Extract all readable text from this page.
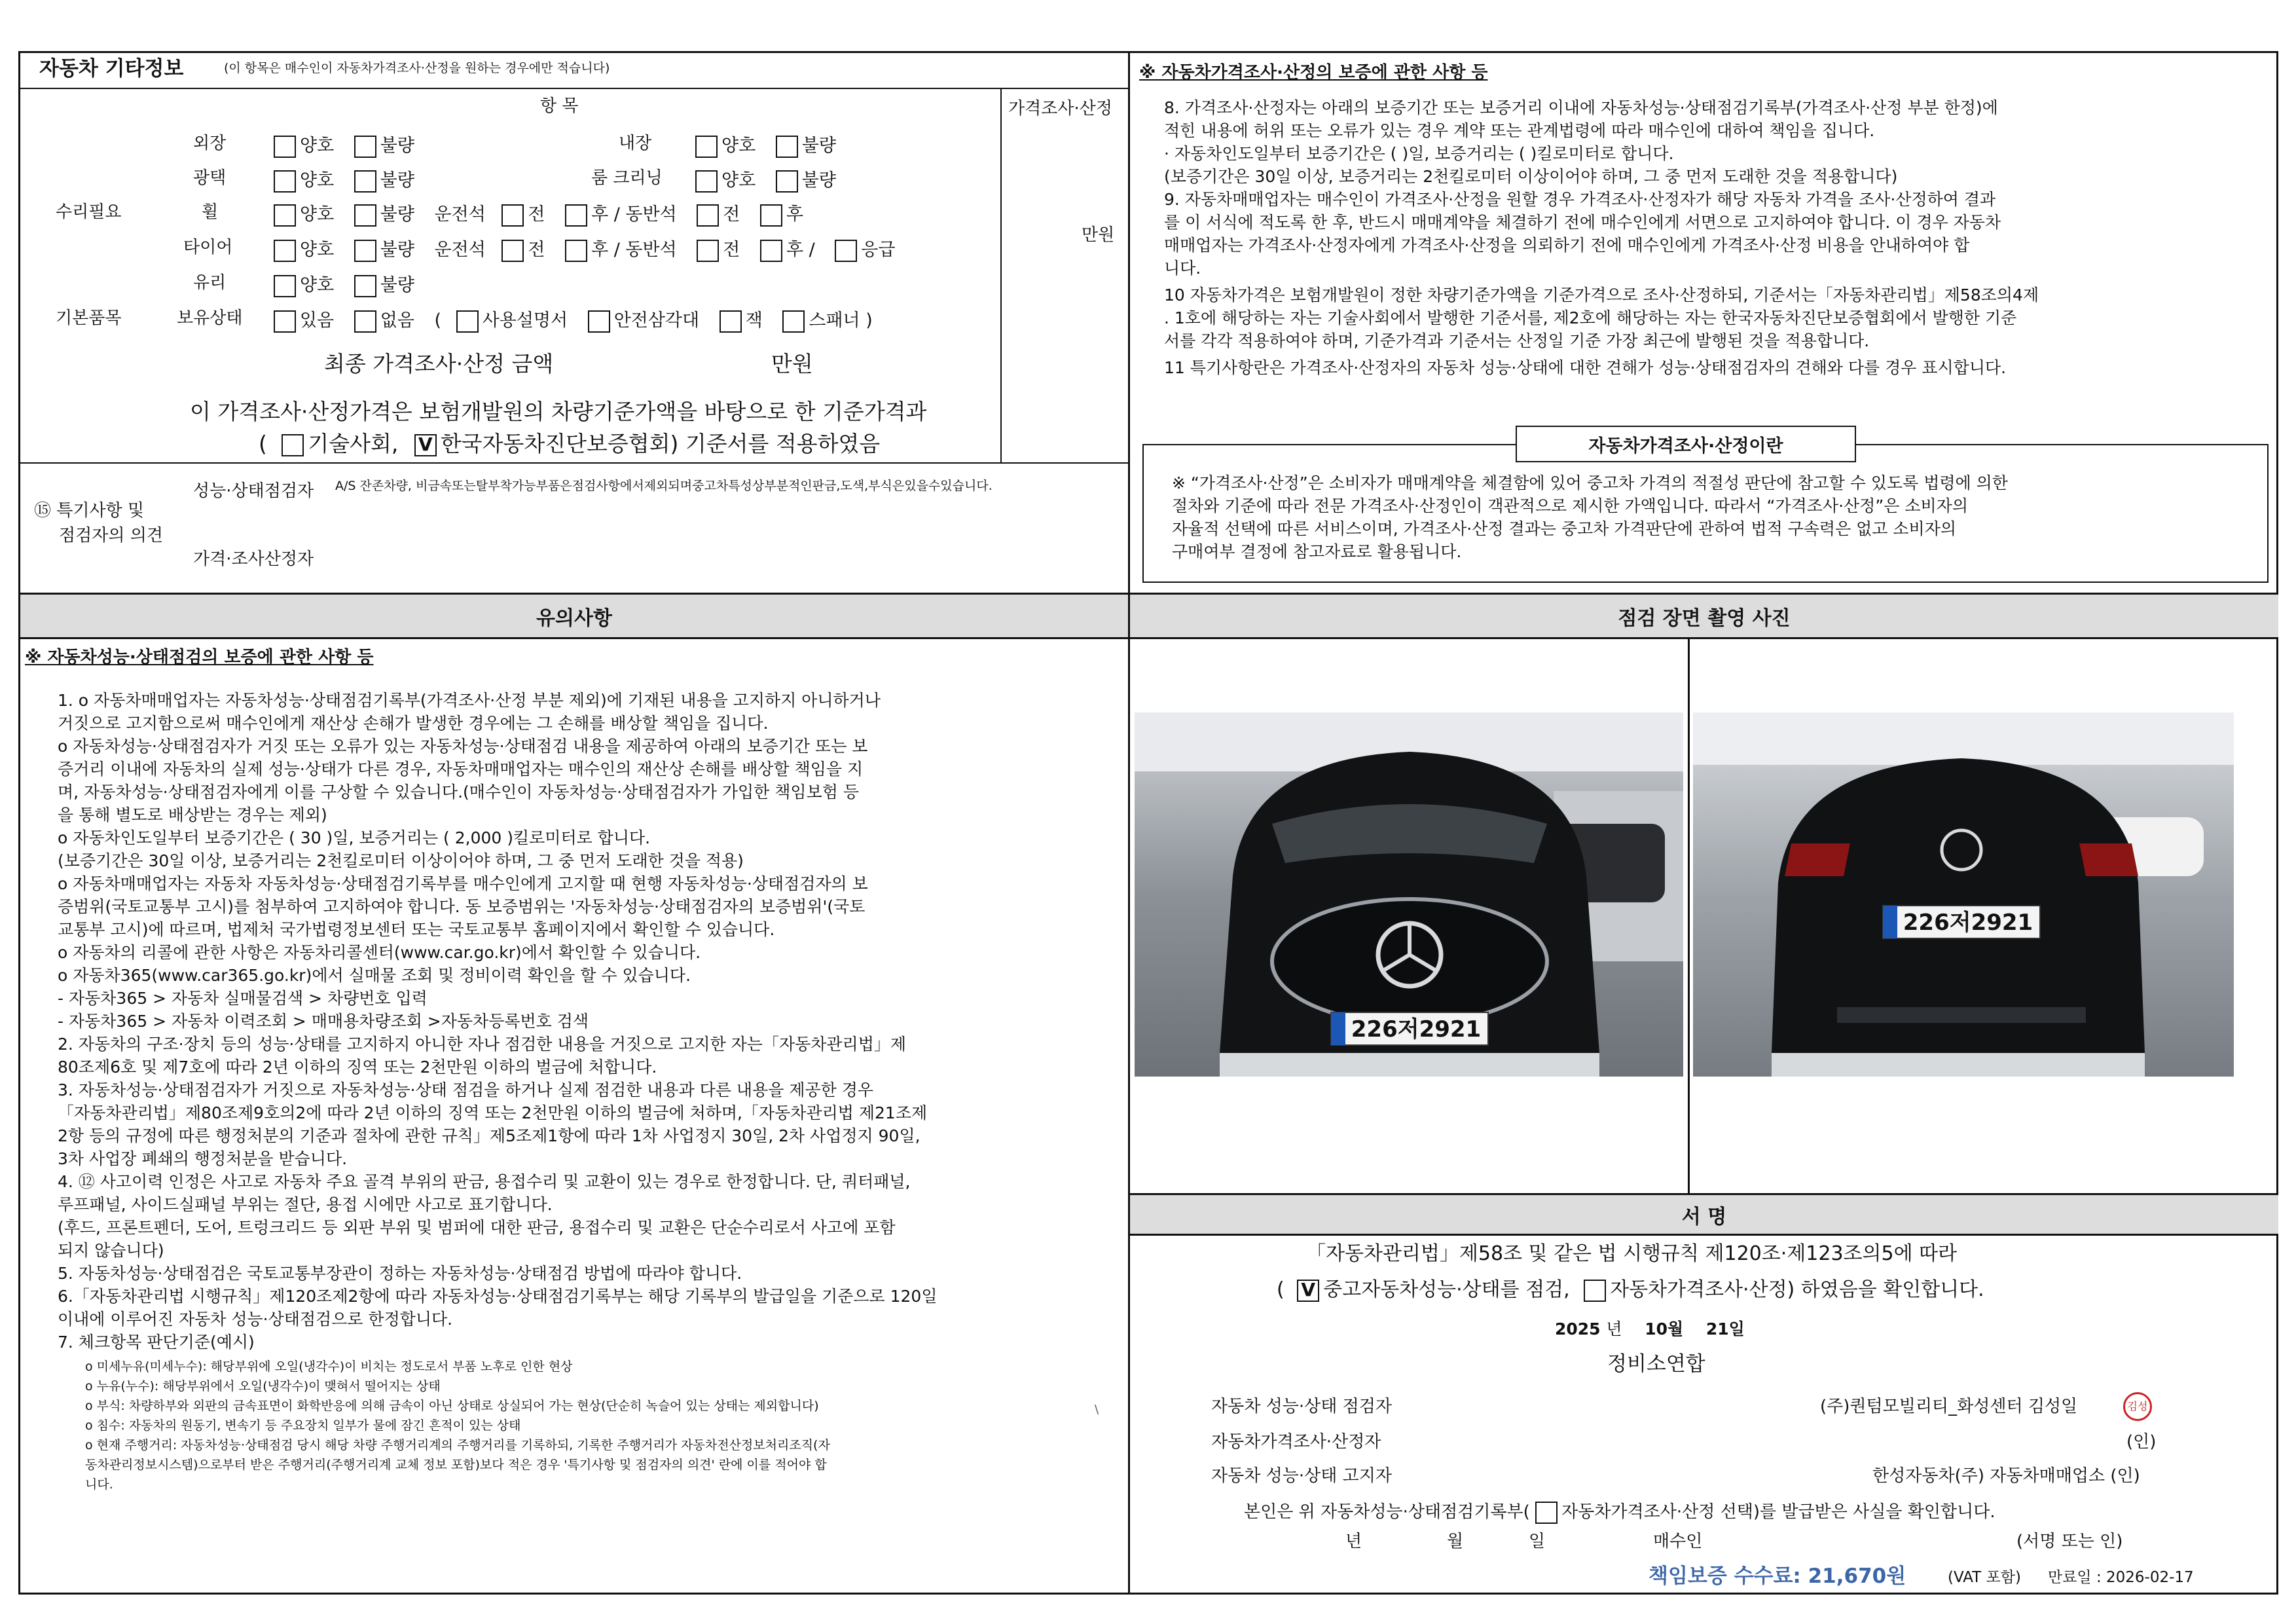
자동차 기타정보	(이 항목은 매수인이 자동차가격조사·산정을 원하는 경우에만 적습니다)
항 목	가격조사·산정
수리필요
기본품목
만원
외장	양호	불량	내장	양호	불량
광택	양호	불량	룸 크리닝	양호	불량
휠	양호	불량 운전석 전	후 / 동반석	전	후
타이어	양호	불량 운전석 전	후 / 동반석	전	후 /	응급
유리	양호	불량
보유상태	있음	없음 ( 사용설명서	안전삼각대	잭	스패너 )
최종 가격조사·산정 금액	만원
이 가격조사·산정가격은 보험개발원의 차량기준가액을 바탕으로 한 기준가격과
( 기술사회, V 한국자동차진단보증협회) 기준서를 적용하였음
⑮ 특기사항 및
점검자의 의견
성능·상태점검자 A/S 잔존차량, 비금속또는탈부착가능부품은점검사항에서제외되며중고차특성상부분적인판금,도색,부식은있을수있습니다.
가격·조사산정자
※ 자동차가격조사·산정의 보증에 관한 사항 등

8. 가격조사·산정자는 아래의 보증기간 또는 보증거리 이내에 자동차성능·상태점검기록부(가격조사·산정 부분 한정)에

적힌 내용에 허위 또는 오류가 있는 경우 계약 또는 관계법령에 따라 매수인에 대하여 책임을 집니다.

· 자동차인도일부터 보증기간은 ( )일, 보증거리는 ( )킬로미터로 합니다.

(보증기간은 30일 이상, 보증거리는 2천킬로미터 이상이어야 하며, 그 중 먼저 도래한 것을 적용합니다)

9. 자동차매매업자는 매수인이 가격조사·산정을 원할 경우 가격조사·산정자가 해당 자동차 가격을 조사·산정하여 결과

를 이 서식에 적도록 한 후, 반드시 매매계약을 체결하기 전에 매수인에게 서면으로 고지하여야 합니다. 이 경우 자동차

매매업자는 가격조사·산정자에게 가격조사·산정을 의뢰하기 전에 매수인에게 가격조사·산정 비용을 안내하여야 합

니다.

10 자동차가격은 보험개발원이 정한 차량기준가액을 기준가격으로 조사·산정하되, 기준서는「자동차관리법」제58조의4제

. 1호에 해당하는 자는 기술사회에서 발행한 기준서를, 제2호에 해당하는 자는 한국자동차진단보증협회에서 발행한 기준

서를 각각 적용하여야 하며, 기준가격과 기준서는 산정일 기준 가장 최근에 발행된 것을 적용합니다.

11 특기사항란은 가격조사·산정자의 자동차 성능·상태에 대한 견해가 성능·상태점검자의 견해와 다를 경우 표시합니다.

자동차가격조사·산정이란

※ “가격조사·산정”은 소비자가 매매계약을 체결함에 있어 중고차 가격의 적절성 판단에 참고할 수 있도록 법령에 의한

절차와 기준에 따라 전문 가격조사·산정인이 객관적으로 제시한 가액입니다. 따라서 “가격조사·산정”은 소비자의

자율적 선택에 따른 서비스이며, 가격조사·산정 결과는 중고차 가격판단에 관하여 법적 구속력은 없고 소비자의

구매여부 결정에 참고자료로 활용됩니다.

유의사항
※ 자동차성능·상태점검의 보증에 관한 사항 등

1. o 자동차매매업자는 자동차성능·상태점검기록부(가격조사·산정 부분 제외)에 기재된 내용을 고지하지 아니하거나

거짓으로 고지함으로써 매수인에게 재산상 손해가 발생한 경우에는 그 손해를 배상할 책임을 집니다.

o 자동차성능·상태점검자가 거짓 또는 오류가 있는 자동차성능·상태점검 내용을 제공하여 아래의 보증기간 또는 보

증거리 이내에 자동차의 실제 성능·상태가 다른 경우, 자동차매매업자는 매수인의 재산상 손해를 배상할 책임을 지

며, 자동차성능·상태점검자에게 이를 구상할 수 있습니다.(매수인이 자동차성능·상태점검자가 가입한 책임보험 등

을 통해 별도로 배상받는 경우는 제외)

o 자동차인도일부터 보증기간은 ( 30 )일, 보증거리는 ( 2,000 )킬로미터로 합니다.

(보증기간은 30일 이상, 보증거리는 2천킬로미터 이상이어야 하며, 그 중 먼저 도래한 것을 적용)

o 자동차매매업자는 자동차 자동차성능·상태점검기록부를 매수인에게 고지할 때 현행 자동차성능·상태점검자의 보

증범위(국토교통부 고시)를 첨부하여 고지하여야 합니다. 동 보증범위는 '자동차성능·상태점검자의 보증범위'(국토

교통부 고시)에 따르며, 법제처 국가법령정보센터 또는 국토교통부 홈페이지에서 확인할 수 있습니다.

o 자동차의 리콜에 관한 사항은 자동차리콜센터(www.car.go.kr)에서 확인할 수 있습니다.

o 자동차365(www.car365.go.kr)에서 실매물 조회 및 정비이력 확인을 할 수 있습니다.

- 자동차365 > 자동차 실매물검색 > 차량번호 입력

- 자동차365 > 자동차 이력조회 > 매매용차량조회 >자동차등록번호 검색

2. 자동차의 구조·장치 등의 성능·상태를 고지하지 아니한 자나 점검한 내용을 거짓으로 고지한 자는「자동차관리법」제

80조제6호 및 제7호에 따라 2년 이하의 징역 또는 2천만원 이하의 벌금에 처합니다.

3. 자동차성능·상태점검자가 거짓으로 자동차성능·상태 점검을 하거나 실제 점검한 내용과 다른 내용을 제공한 경우

「자동차관리법」제80조제9호의2에 따라 2년 이하의 징역 또는 2천만원 이하의 벌금에 처하며,「자동차관리법 제21조제

2항 등의 규정에 따른 행정처분의 기준과 절차에 관한 규칙」제5조제1항에 따라 1차 사업정지 30일, 2차 사업정지 90일,

3차 사업장 폐쇄의 행정처분을 받습니다.

4. ⑫ 사고이력 인정은 사고로 자동차 주요 골격 부위의 판금, 용접수리 및 교환이 있는 경우로 한정합니다. 단, 쿼터패널,

루프패널, 사이드실패널 부위는 절단, 용접 시에만 사고로 표기합니다.

(후드, 프론트펜더, 도어, 트렁크리드 등 외판 부위 및 범퍼에 대한 판금, 용접수리 및 교환은 단순수리로서 사고에 포함

되지 않습니다)

5. 자동차성능·상태점검은 국토교통부장관이 정하는 자동차성능·상태점검 방법에 따라야 합니다.

6.「자동차관리법 시행규칙」제120조제2항에 따라 자동차성능·상태점검기록부는 해당 기록부의 발급일을 기준으로 120일

이내에 이루어진 자동차 성능·상태점검으로 한정합니다.

7. 체크항목 판단기준(예시)

o 미세누유(미세누수): 해당부위에 오일(냉각수)이 비치는 정도로서 부품 노후로 인한 현상
o 누유(누수): 해당부위에서 오일(냉각수)이 맺혀서 떨어지는 상태
o 부식: 차량하부와 외판의 금속표면이 화학반응에 의해 금속이 아닌 상태로 상실되어 가는 현상(단순히 녹슬어 있는 상태는 제외합니다)
o 침수: 자동차의 원동기, 변속기 등 주요장치 일부가 물에 잠긴 흔적이 있는 상태
o 현재 주행거리: 자동차성능·상태점검 당시 해당 차량 주행거리계의 주행거리를 기록하되, 기록한 주행거리가 자동차전산정보처리조직(자
동차관리정보시스템)으로부터 받은 주행거리(주행거리계 교체 정보 포함)보다 적은 경우 '특기사항 및 점검자의 의견' 란에 이를 적어야 합
니다.
점검 장면 촬영 사진
226저2921
226저2921
서 명
「자동차관리법」제58조 및 같은 법 시행규칙 제120조·제123조의5에 따라
( V 중고자동차성능·상태를 점검, 자동차가격조사·산정) 하였음을 확인합니다.
2025 년 10월 21일
정비소연합
자동차 성능·상태 점검자	(주)퀀텀모빌리티_화성센터 김성일	김성
자동차가격조사·산정자	(인)
자동차 성능·상태 고지자	한성자동차(주) 자동차매매업소 (인)
본인은 위 자동차성능·상태점검기록부( 자동차가격조사·산정 선택)를 발급받은 사실을 확인합니다.
년	월	일	매수인	(서명 또는 인)
책임보증 수수료: 21,670원	(VAT 포함) 만료일 : 2026-02-17
\
